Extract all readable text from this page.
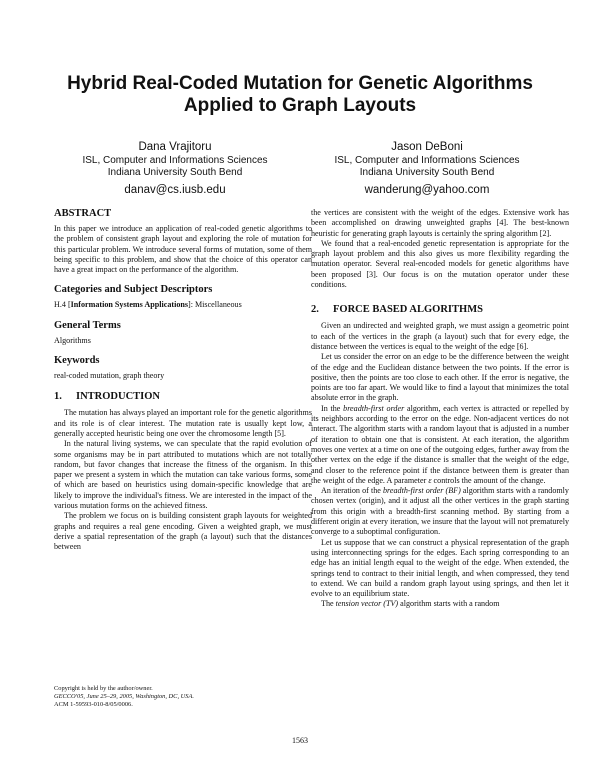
Hybrid Real-Coded Mutation for Genetic Algorithms
Applied to Graph Layouts
Dana Vrajitoru
ISL, Computer and Informations Sciences
Indiana University South Bend
danav@cs.iusb.edu
Jason DeBoni
ISL, Computer and Informations Sciences
Indiana University South Bend
wanderung@yahoo.com
ABSTRACT

In this paper we introduce an application of real-coded genetic algorithms to the problem of consistent graph layout and exploring the role of mutation for this particular problem. We introduce several forms of mutation, some of them being specific to this problem, and show that the choice of this operator can have a great impact on the performance of the algorithm.

Categories and Subject Descriptors

H.4 [Information Systems Applications]: Miscellaneous

General Terms

Algorithms

Keywords

real-coded mutation, graph theory

1. INTRODUCTION

The mutation has always played an important role for the genetic algorithms and its role is of clear interest. The mutation rate is usually kept low, a generally accepted heuristic being one over the chromosome length [5].

In the natural living systems, we can speculate that the rapid evolution of some organisms may be in part attributed to mutations which are not totally random, but favor changes that increase the fitness of the organism. In this paper we present a system in which the mutation can take various forms, some of which are based on heuristics using domain-specific knowledge that are likely to improve the individual's fitness. We are interested in the impact of the various mutation forms on the achieved fitness.

The problem we focus on is building consistent graph layouts for weighted graphs and requires a real gene encoding. Given a weighted graph, we must derive a spatial representation of the graph (a layout) such that the distances between

Copyright is held by the author/owner.
GECCO'05, June 25–29, 2005, Washington, DC, USA.
ACM 1-59593-010-8/05/0006.

the vertices are consistent with the weight of the edges. Extensive work has been accomplished on drawing unweighted graphs [4]. The best-known heuristic for generating graph layouts is certainly the spring algorithm [2].

We found that a real-encoded genetic representation is appropriate for the graph layout problem and this also gives us more flexibility regarding the mutation operator. Several real-encoded models for genetic algorithms have been proposed [3]. Our focus is on the mutation operator under these conditions.

2. FORCE BASED ALGORITHMS

Given an undirected and weighted graph, we must assign a geometric point to each of the vertices in the graph (a layout) such that for every edge, the distance between the vertices is equal to the weight of the edge [6].

Let us consider the error on an edge to be the difference between the weight of the edge and the Euclidean distance between the two points. If the error is positive, then the points are too close to each other. If the error is negative, the points are too far apart. We would like to find a layout that minimizes the total absolute error in the graph.

In the breadth-first order algorithm, each vertex is attracted or repelled by its neighbors according to the error on the edge. Non-adjacent vertices do not interact. The algorithm starts with a random layout that is adjusted in a number of iteration to obtain one that is consistent. At each iteration, the algorithm moves one vertex at a time on one of the outgoing edges, further away from the other vertex on the edge if the distance is smaller that the weight of the edge, and closer to the reference point if the distance between them is greater than the weight of the edge. A parameter ε controls the amount of the change.

An iteration of the breadth-first order (BF) algorithm starts with a randomly chosen vertex (origin), and it adjust all the other vertices in the graph starting from this origin with a breadth-first scanning method. By starting from a different origin at every iteration, we insure that the layout will not prematurely converge to a suboptimal configuration.

Let us suppose that we can construct a physical representation of the graph using interconnecting springs for the edges. Each spring corresponding to an edge has an initial length equal to the weight of the edge. When extended, the springs tend to contract to their initial length, and when compressed, they tend to extend. We can build a random graph layout using springs, and then let it evolve to an equilibrium state.

The tension vector (TV) algorithm starts with a random

1563
